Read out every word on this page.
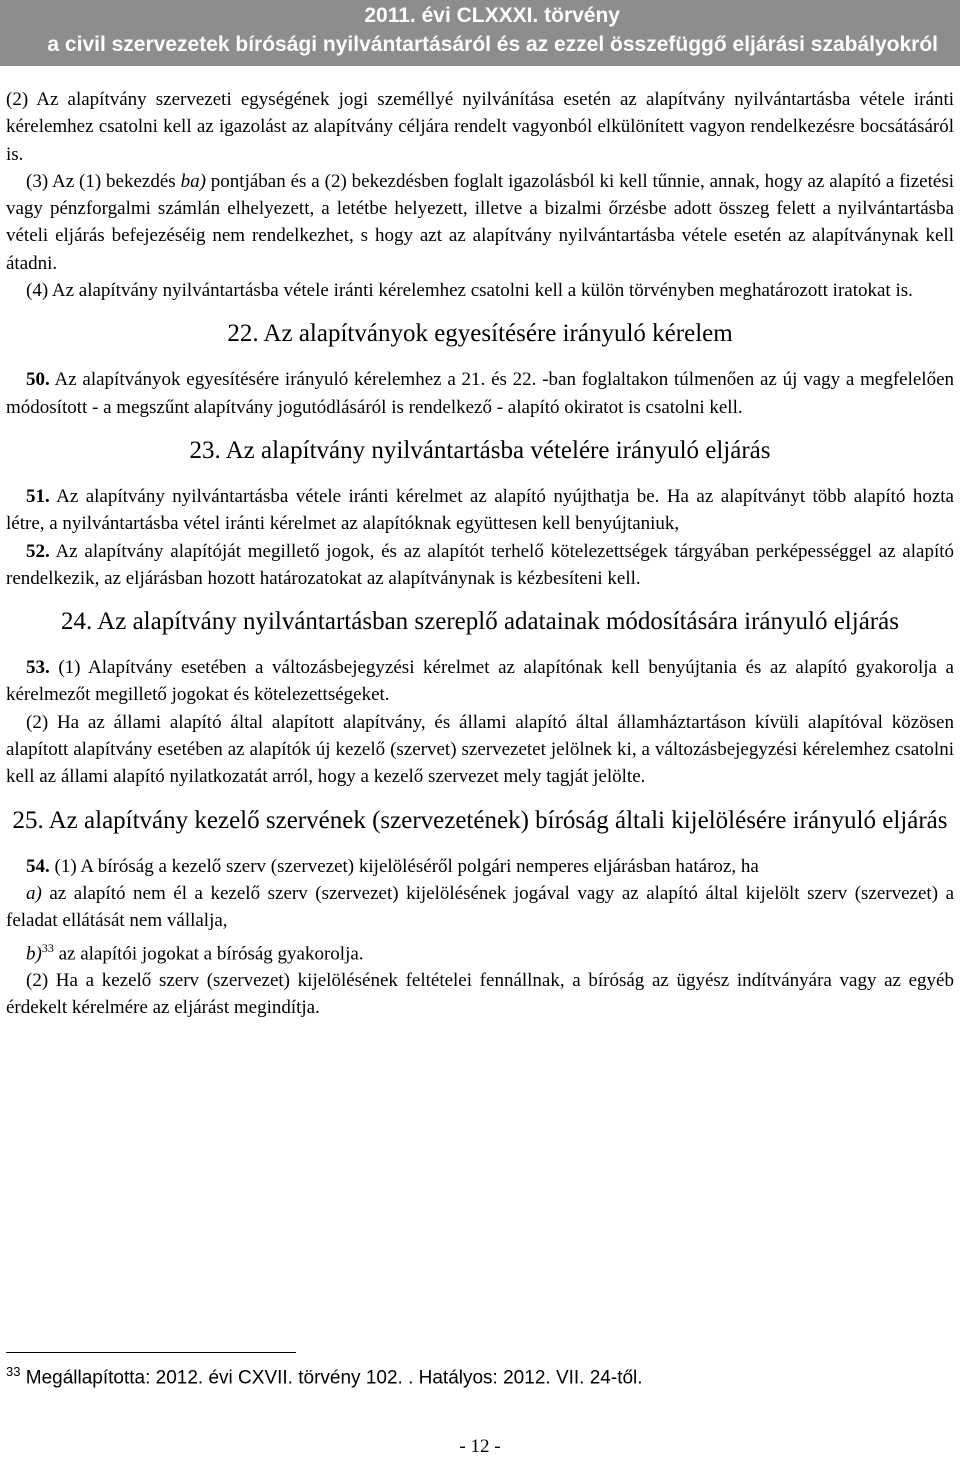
2011. évi CLXXXI. törvény
a civil szervezetek bírósági nyilvántartásáról és az ezzel összefüggő eljárási szabályokról

(2) Az alapítvány szervezeti egységének jogi személlyé nyilvánítása esetén az alapítvány nyilvántartásba vétele iránti kérelemhez csatolni kell az igazolást az alapítvány céljára rendelt vagyonból elkülönített vagyon rendelkezésre bocsátásáról is.

(3) Az (1) bekezdés ba) pontjában és a (2) bekezdésben foglalt igazolásból ki kell tűnnie, annak, hogy az alapító a fizetési vagy pénzforgalmi számlán elhelyezett, a letétbe helyezett, illetve a bizalmi őrzésbe adott összeg felett a nyilvántartásba vételi eljárás befejezéséig nem rendelkezhet, s hogy azt az alapítvány nyilvántartásba vétele esetén az alapítványnak kell átadni.

(4) Az alapítvány nyilvántartásba vétele iránti kérelemhez csatolni kell a külön törvényben meghatározott iratokat is.

22. Az alapítványok egyesítésére irányuló kérelem

50. Az alapítványok egyesítésére irányuló kérelemhez a 21. és 22. -ban foglaltakon túlmenően az új vagy a megfelelően módosított - a megszűnt alapítvány jogutódlásáról is rendelkező - alapító okiratot is csatolni kell.

23. Az alapítvány nyilvántartásba vételére irányuló eljárás

51. Az alapítvány nyilvántartásba vétele iránti kérelmet az alapító nyújthatja be. Ha az alapítványt több alapító hozta létre, a nyilvántartásba vétel iránti kérelmet az alapítóknak együttesen kell benyújtaniuk,

52. Az alapítvány alapítóját megillető jogok, és az alapítót terhelő kötelezettségek tárgyában perképességgel az alapító rendelkezik, az eljárásban hozott határozatokat az alapítványnak is kézbesíteni kell.

24. Az alapítvány nyilvántartásban szereplő adatainak módosítására irányuló eljárás

53. (1) Alapítvány esetében a változásbejegyzési kérelmet az alapítónak kell benyújtania és az alapító gyakorolja a kérelmezőt megillető jogokat és kötelezettségeket.

(2) Ha az állami alapító által alapított alapítvány, és állami alapító által államháztartáson kívüli alapítóval közösen alapított alapítvány esetében az alapítók új kezelő (szervet) szervezetet jelölnek ki, a változásbejegyzési kérelemhez csatolni kell az állami alapító nyilatkozatát arról, hogy a kezelő szervezet mely tagját jelölte.

25. Az alapítvány kezelő szervének (szervezetének) bíróság általi kijelölésére irányuló eljárás

54. (1) A bíróság a kezelő szerv (szervezet) kijelöléséről polgári nemperes eljárásban határoz, ha

a) az alapító nem él a kezelő szerv (szervezet) kijelölésének jogával vagy az alapító által kijelölt szerv (szervezet) a feladat ellátását nem vállalja,

b)$^{33}$ az alapítói jogokat a bíróság gyakorolja.

(2) Ha a kezelő szerv (szervezet) kijelölésének feltételei fennállnak, a bíróság az ügyész indítványára vagy az egyéb érdekelt kérelmére az eljárást megindítja.

$^{33}$ Megállapította: 2012. évi CXVII. törvény 102. . Hatályos: 2012. VII. 24-től.
- 12 -
